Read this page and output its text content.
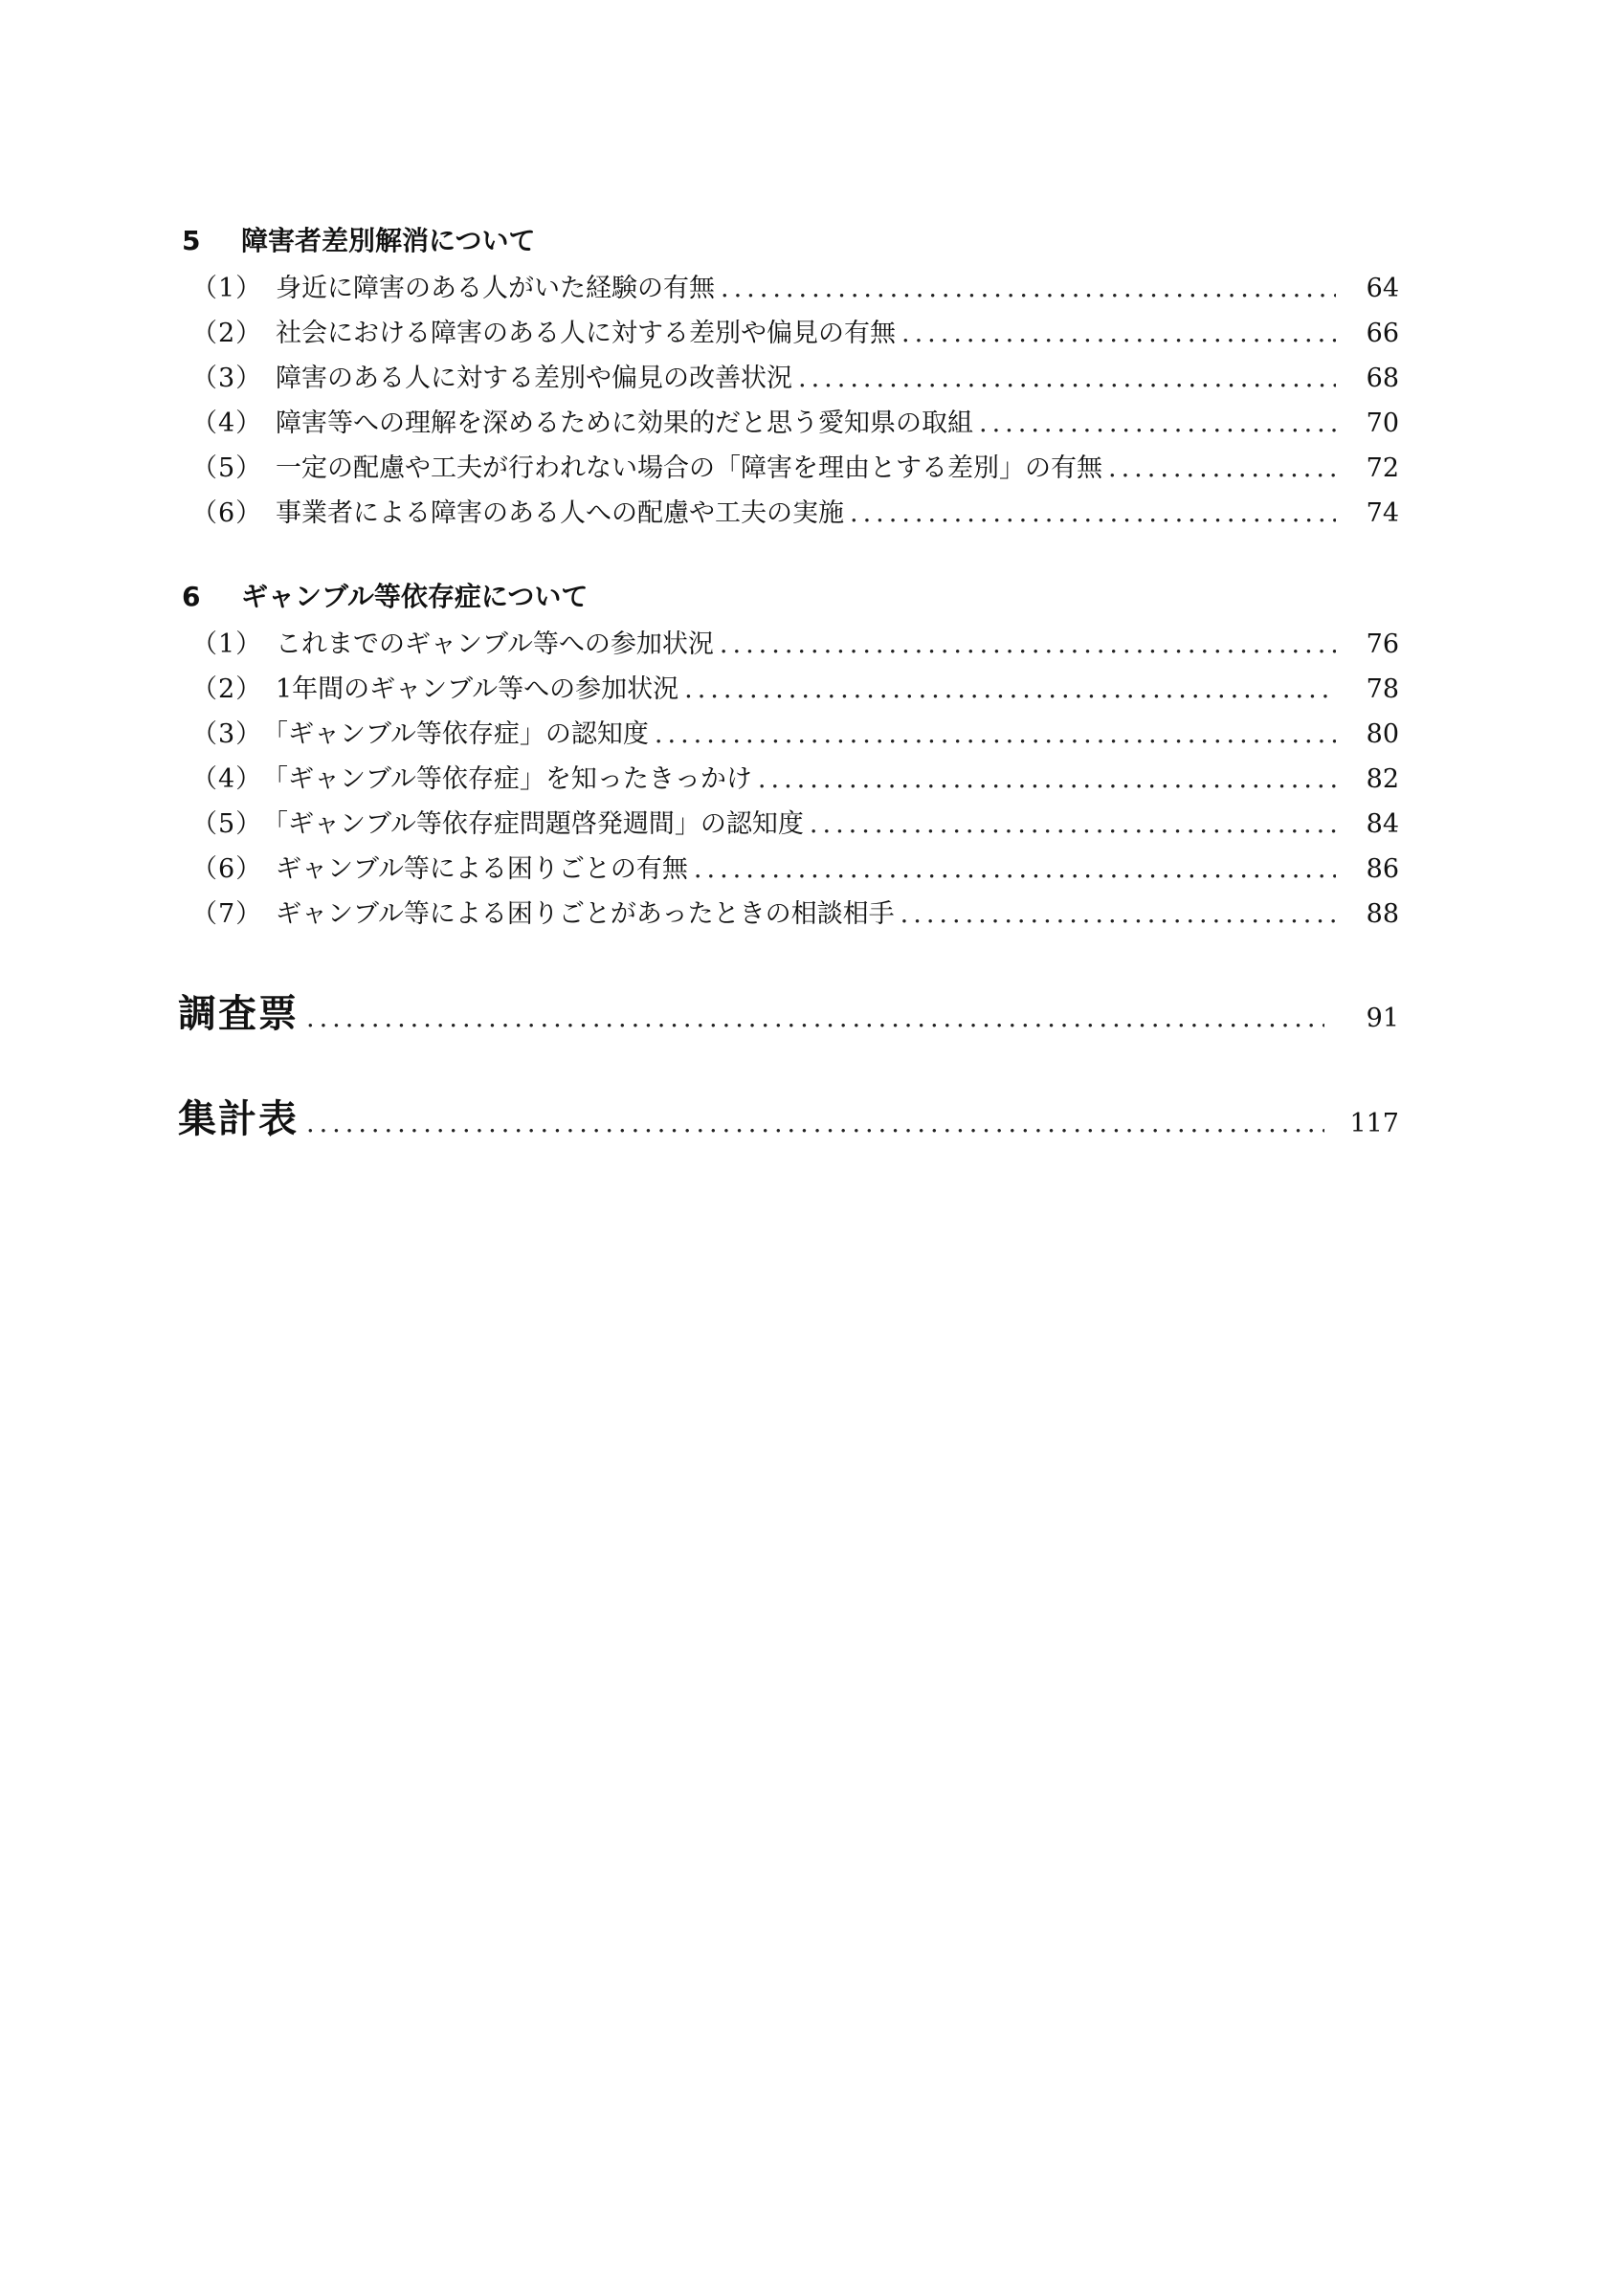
5 障害者差別解消について
（1） 身近に障害のある人がいた経験の有無 .....	64
（2） 社会における障害のある人に対する差別や偏見の有無 .....	66
（3） 障害のある人に対する差別や偏見の改善状況 .....	68
（4） 障害等への理解を深めるために効果的だと思う愛知県の取組 .....	70
（5） 一定の配慮や工夫が行われない場合の「障害を理由とする差別」の有無 .....	72
（6） 事業者による障害のある人への配慮や工夫の実施 .....	74
6 ギャンブル等依存症について
（1） これまでのギャンブル等への参加状況 .....	76
（2） 1年間のギャンブル等への参加状況 .....	78
（3） 「ギャンブル等依存症」の認知度 .....	80
（4） 「ギャンブル等依存症」を知ったきっかけ .....	82
（5） 「ギャンブル等依存症問題啓発週間」の認知度 .....	84
（6） ギャンブル等による困りごとの有無 .....	86
（7） ギャンブル等による困りごとがあったときの相談相手 .....	88
調査票 .....	91
集計表 .....	117
